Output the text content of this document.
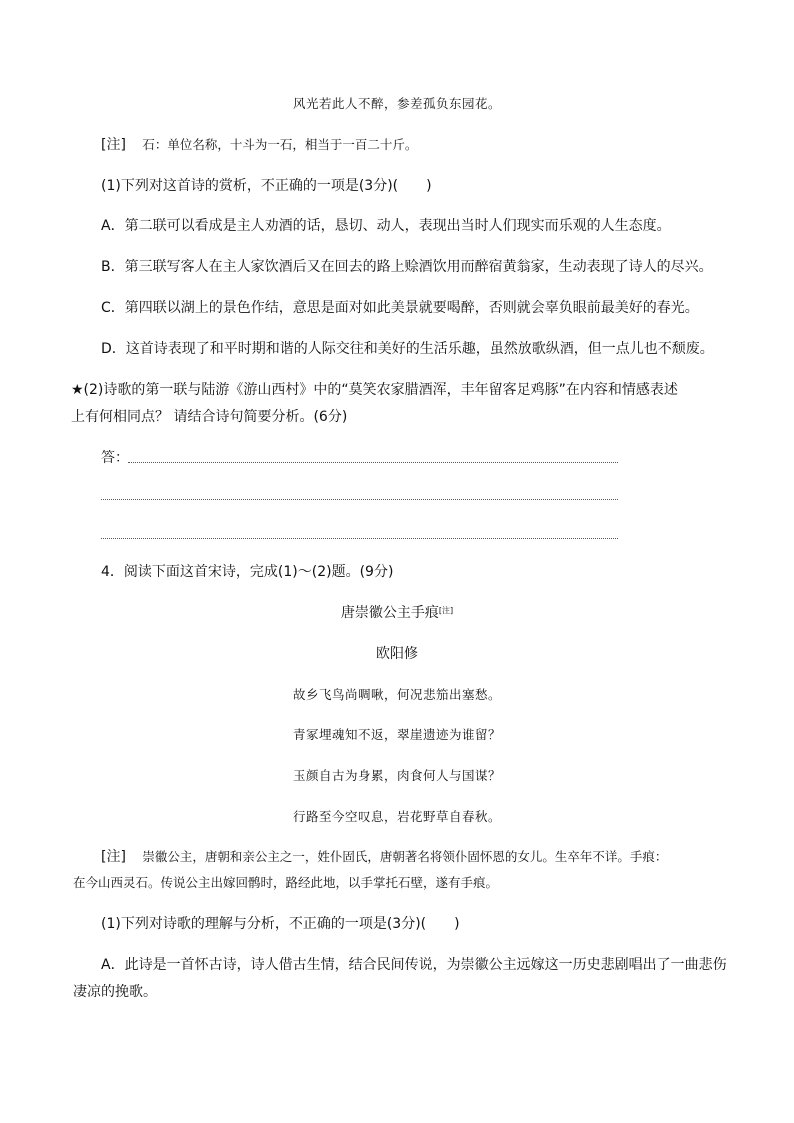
风光若此人不醉，参差孤负东园花。
[注] 石：单位名称，十斗为一石，相当于一百二十斤。
(1)下列对这首诗的赏析，不正确的一项是(3分)(　　)
A．第二联可以看成是主人劝酒的话，恳切、动人，表现出当时人们现实而乐观的人生态度。
B．第三联写客人在主人家饮酒后又在回去的路上赊酒饮用而醉宿黄翁家，生动表现了诗人的尽兴。
C．第四联以湖上的景色作结，意思是面对如此美景就要喝醉，否则就会辜负眼前最美好的春光。
D．这首诗表现了和平时期和谐的人际交往和美好的生活乐趣，虽然放歌纵酒，但一点儿也不颓废。
★(2)诗歌的第一联与陆游《游山西村》中的“莫笑农家腊酒浑，丰年留客足鸡豚”在内容和情感表述
上有何相同点？ 请结合诗句简要分析。(6分)
答：
4．阅读下面这首宋诗，完成(1)～(2)题。(9分)
唐崇徽公主手痕[注]
欧阳修
故乡飞鸟尚啁啾，何况悲笳出塞愁。
青冢埋魂知不返，翠崖遗迹为谁留？
玉颜自古为身累，肉食何人与国谋？
行路至今空叹息，岩花野草自春秋。
[注] 崇徽公主，唐朝和亲公主之一，姓仆固氏，唐朝著名将领仆固怀恩的女儿。生卒年不详。手痕：
在今山西灵石。传说公主出嫁回鹘时，路经此地，以手掌托石壁，遂有手痕。
(1)下列对诗歌的理解与分析，不正确的一项是(3分)(　　)
A．此诗是一首怀古诗，诗人借古生情，结合民间传说，为崇徽公主远嫁这一历史悲剧唱出了一曲悲伤
凄凉的挽歌。
